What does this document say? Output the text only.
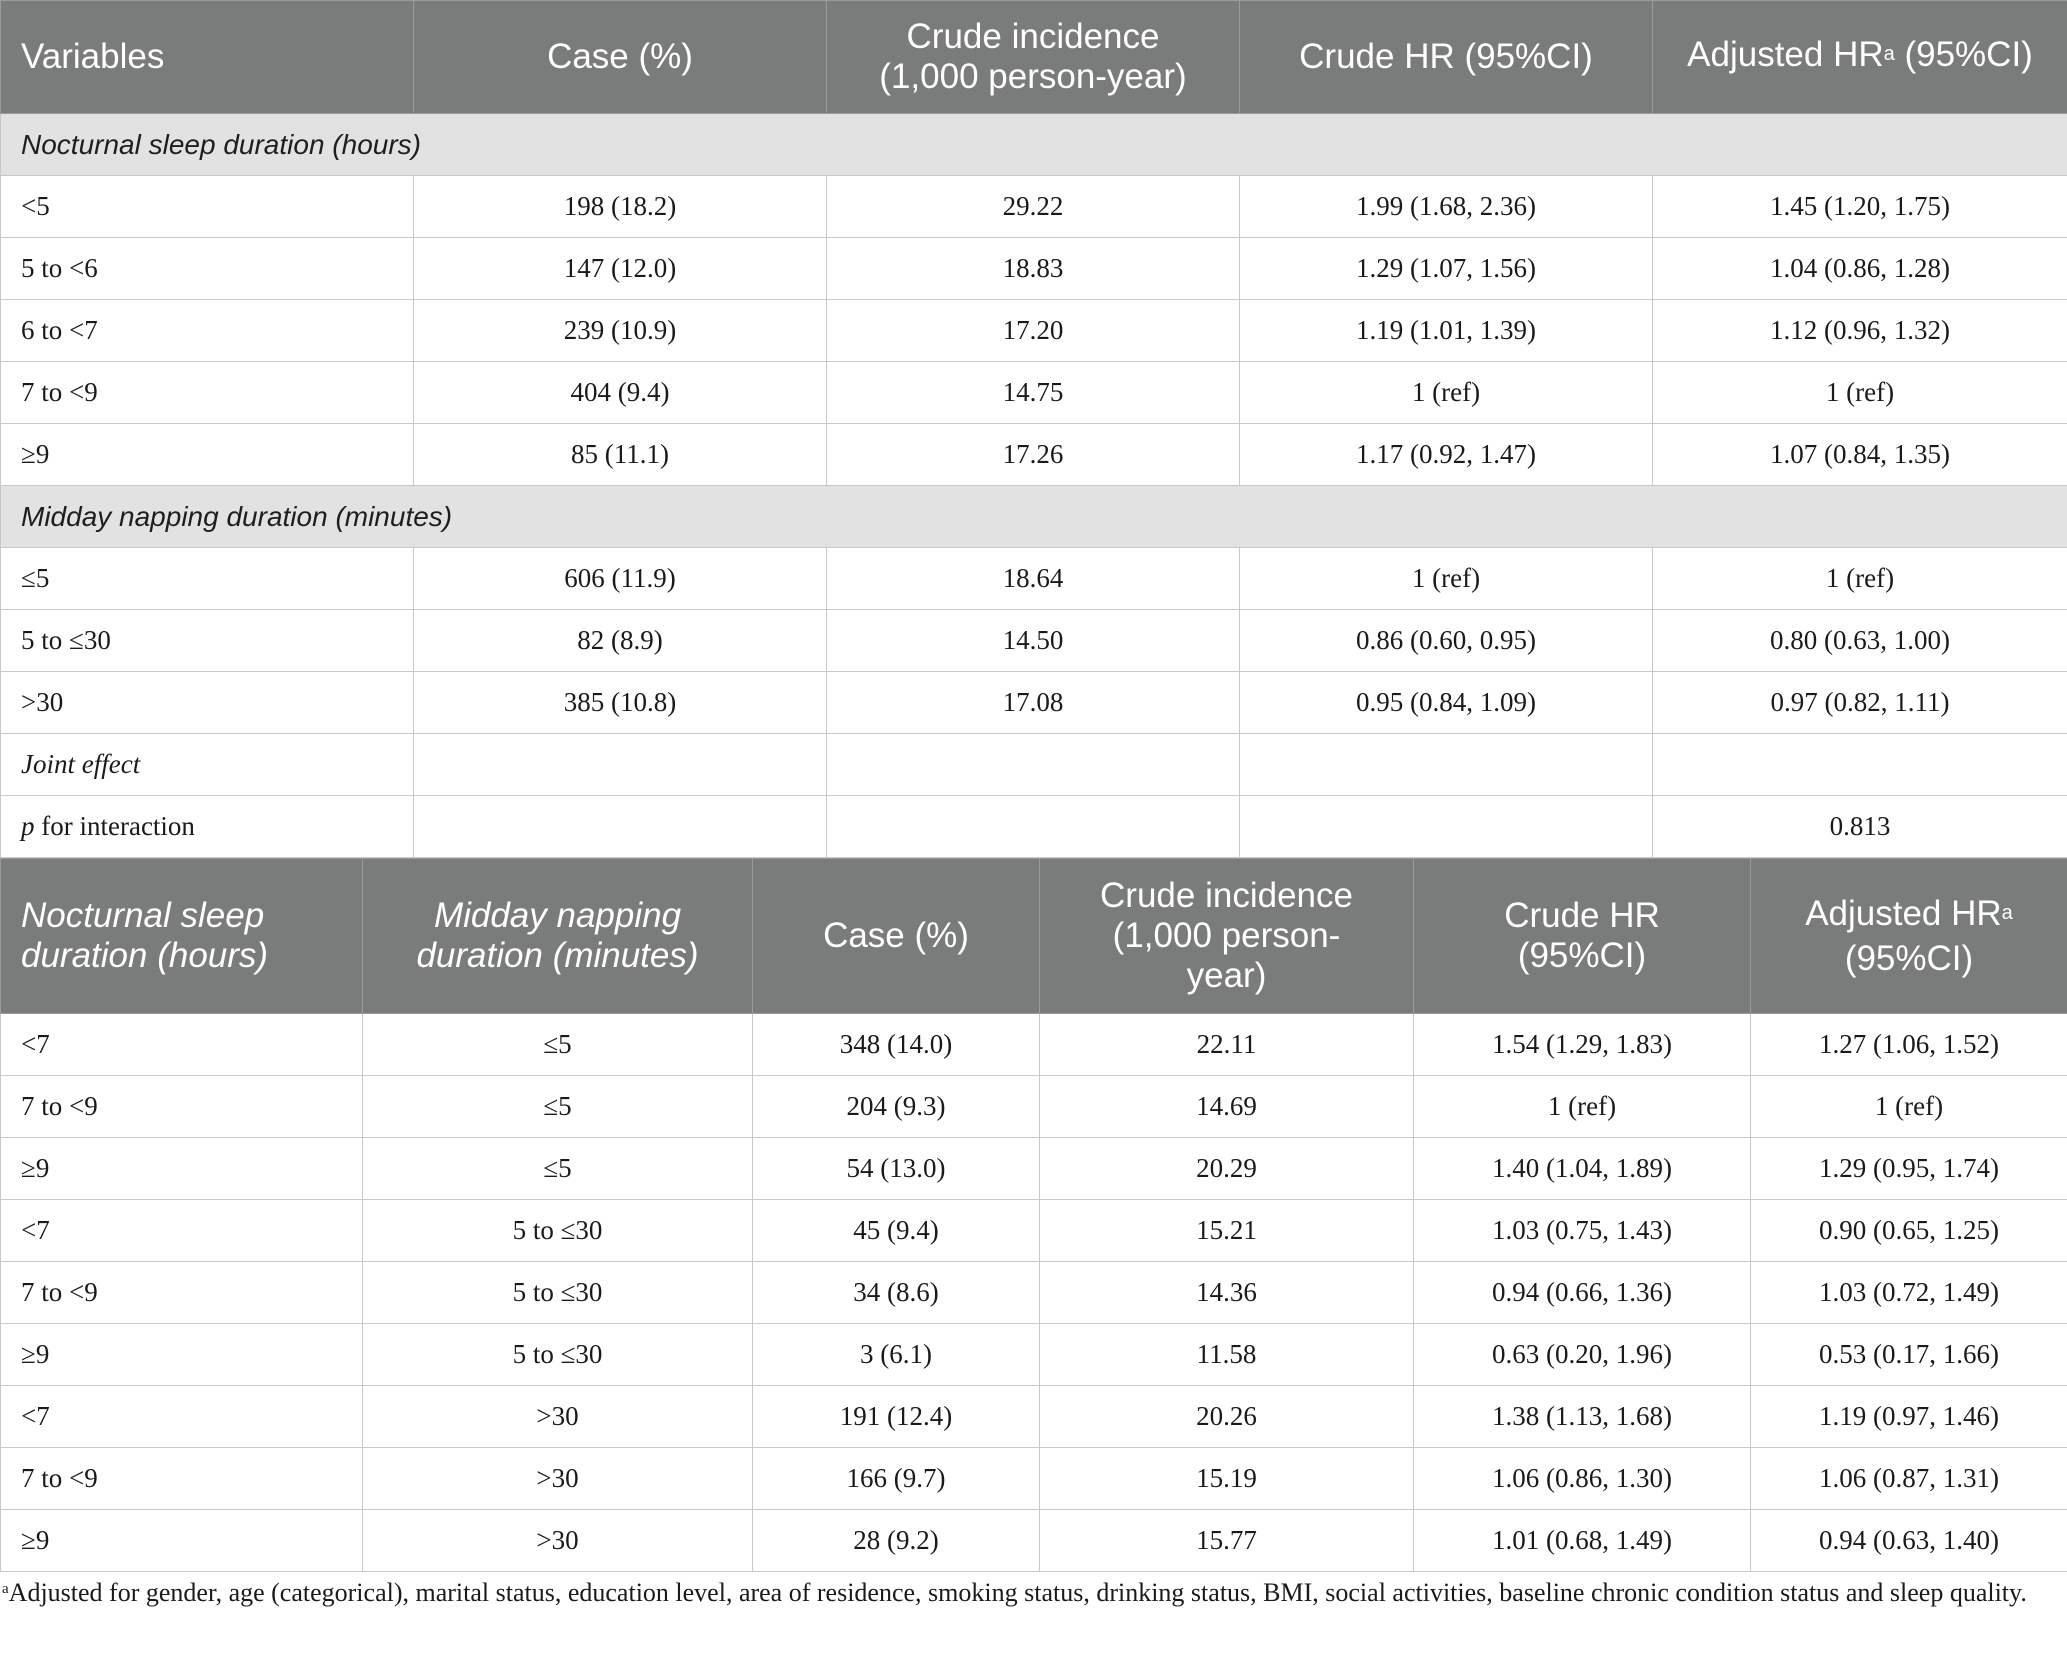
Variables	Case (%)	Crude incidence
(1,000 person-year)	Crude HR (95%CI)	Adjusted $HR^a$ (95%CI)
Nocturnal sleep duration (hours)				
<5	198 (18.2)	29.22	1.99 (1.68, 2.36)	1.45 (1.20, 1.75)
5 to <6	147 (12.0)	18.83	1.29 (1.07, 1.56)	1.04 (0.86, 1.28)
6 to <7	239 (10.9)	17.20	1.19 (1.01, 1.39)	1.12 (0.96, 1.32)
7 to <9	404 (9.4)	14.75	1 (ref)	1 (ref)
≥9	85 (11.1)	17.26	1.17 (0.92, 1.47)	1.07 (0.84, 1.35)
Midday napping duration (minutes)				
≤5	606 (11.9)	18.64	1 (ref)	1 (ref)
5 to ≤30	82 (8.9)	14.50	0.86 (0.60, 0.95)	0.80 (0.63, 1.00)
>30	385 (10.8)	17.08	0.95 (0.84, 1.09)	0.97 (0.82, 1.11)
Joint effect				
p for interaction				0.813
Nocturnal sleep
duration (hours)	Midday napping
duration (minutes)	Case (%)	Crude incidence
(1,000 person-
year)	Crude HR
(95%CI)	Adjusted $HR^a$
(95%CI)
<7	≤5	348 (14.0)	22.11	1.54 (1.29, 1.83)	1.27 (1.06, 1.52)
7 to <9	≤5	204 (9.3)	14.69	1 (ref)	1 (ref)
≥9	≤5	54 (13.0)	20.29	1.40 (1.04, 1.89)	1.29 (0.95, 1.74)
<7	5 to ≤30	45 (9.4)	15.21	1.03 (0.75, 1.43)	0.90 (0.65, 1.25)
7 to <9	5 to ≤30	34 (8.6)	14.36	0.94 (0.66, 1.36)	1.03 (0.72, 1.49)
≥9	5 to ≤30	3 (6.1)	11.58	0.63 (0.20, 1.96)	0.53 (0.17, 1.66)
<7	>30	191 (12.4)	20.26	1.38 (1.13, 1.68)	1.19 (0.97, 1.46)
7 to <9	>30	166 (9.7)	15.19	1.06 (0.86, 1.30)	1.06 (0.87, 1.31)
≥9	>30	28 (9.2)	15.77	1.01 (0.68, 1.49)	0.94 (0.63, 1.40)
$^a$Adjusted for gender, age (categorical), marital status, education level, area of residence, smoking status, drinking status, BMI, social activities, baseline chronic condition status and sleep quality.
